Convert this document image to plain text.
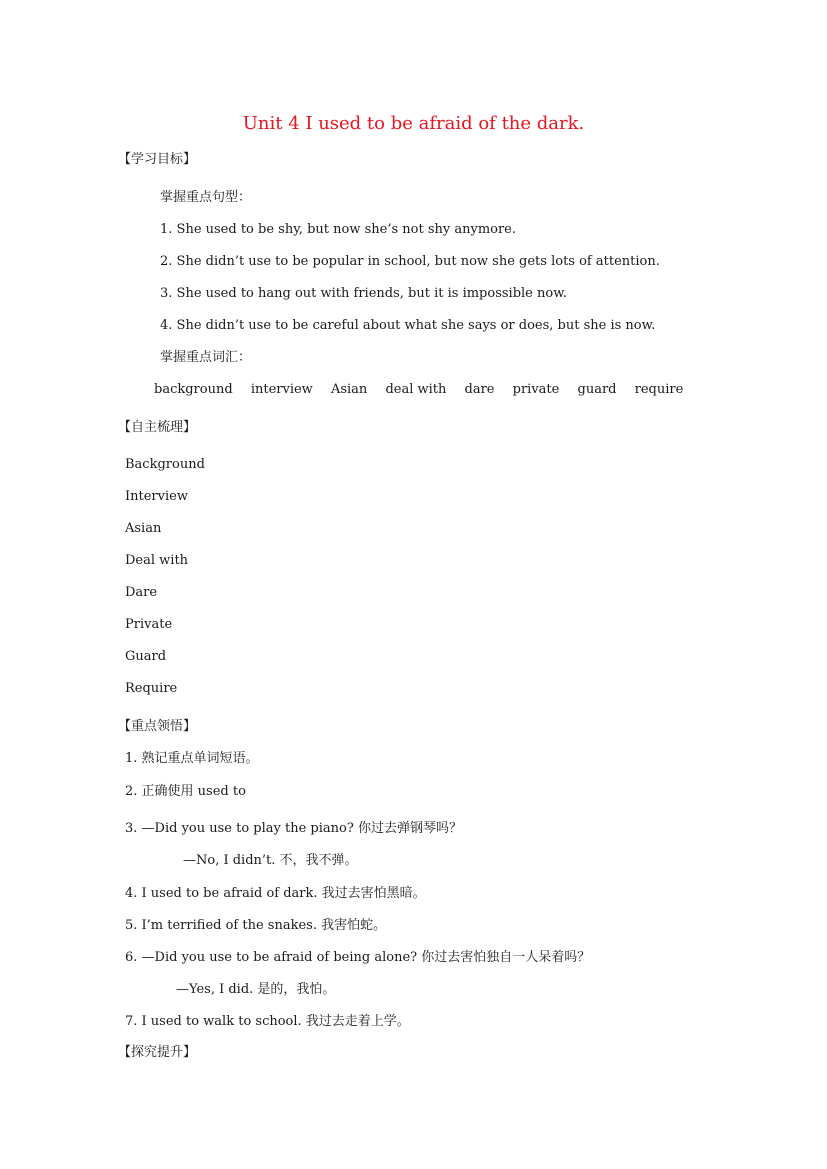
Unit 4 I used to be afraid of the dark.
【学习目标】
掌握重点句型：
1. She used to be shy, but now she’s not shy anymore.
2. She didn’t use to be popular in school, but now she gets lots of attention.
3. She used to hang out with friends, but it is impossible now.
4. She didn’t use to be careful about what she says or does, but she is now.
掌握重点词汇：
background interview Asian deal with dare private guard require
【自主梳理】
Background
Interview
Asian
Deal with
Dare
Private
Guard
Require
【重点领悟】
1. 熟记重点单词短语。
2. 正确使用 used to
3. —Did you use to play the piano? 你过去弹钢琴吗？
—No, I didn’t. 不，我不弹。
4. I used to be afraid of dark. 我过去害怕黑暗。
5. I’m terrified of the snakes. 我害怕蛇。
6. —Did you use to be afraid of being alone? 你过去害怕独自一人呆着吗？
—Yes, I did. 是的，我怕。
7. I used to walk to school. 我过去走着上学。
【探究提升】
